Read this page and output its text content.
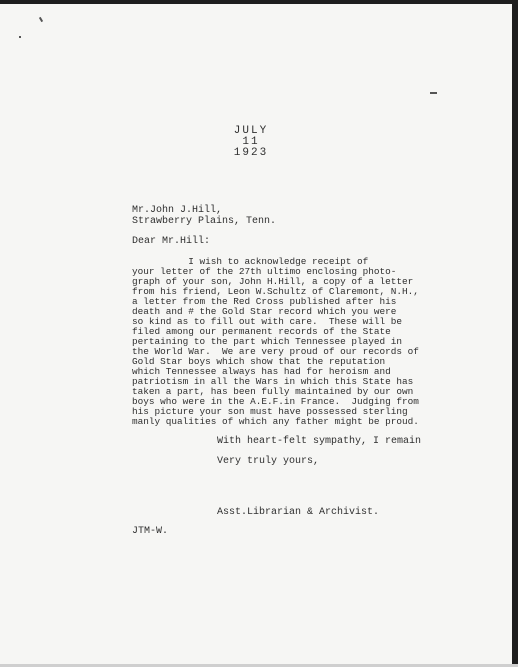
JULY
11
1923
Mr.John J.Hill,
Strawberry Plains, Tenn.
Dear Mr.Hill:
I wish to acknowledge receipt of
your letter of the 27th ultimo enclosing photo-
graph of your son, John H.Hill, a copy of a letter
from his friend, Leon W.Schultz of Claremont, N.H.,
a letter from the Red Cross published after his
death and # the Gold Star record which you were
so kind as to fill out with care.  These will be
filed among our permanent records of the State
pertaining to the part which Tennessee played in
the World War.  We are very proud of our records of
Gold Star boys which show that the reputation
which Tennessee always has had for heroism and
patriotism in all the Wars in which this State has
taken a part, has been fully maintained by our own
boys who were in the A.E.F.in France.  Judging from
his picture your son must have possessed sterling
manly qualities of which any father might be proud.
With heart-felt sympathy, I remain
Very truly yours,
Asst.Librarian & Archivist.
JTM-W.
